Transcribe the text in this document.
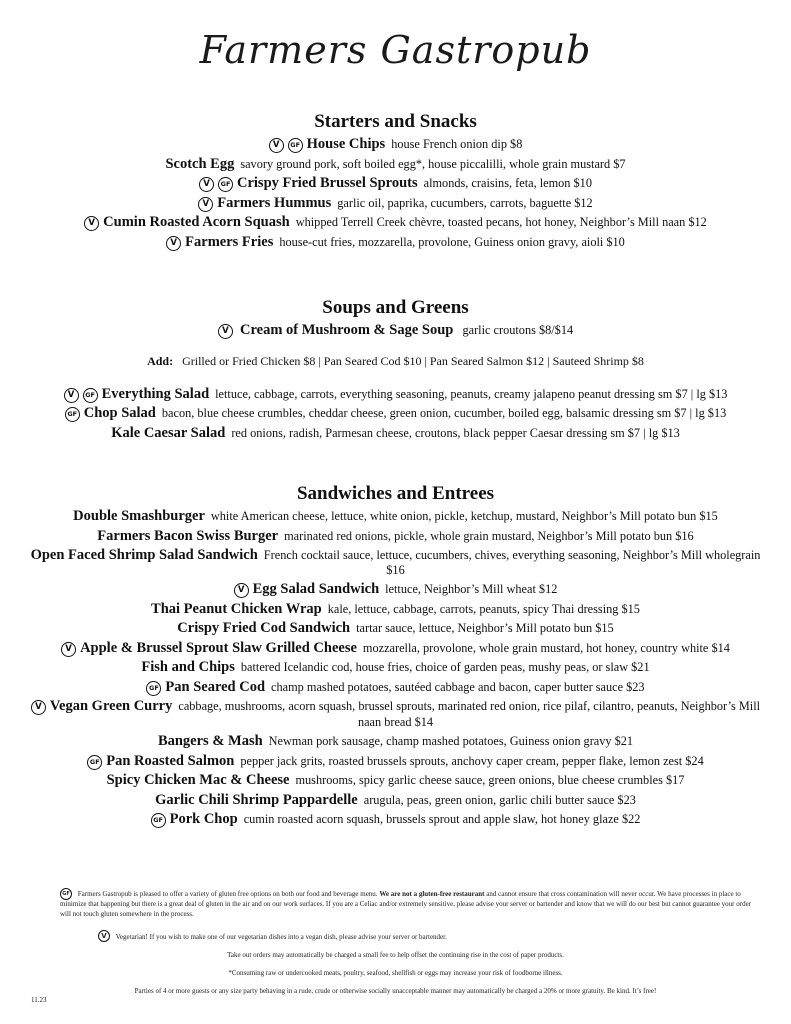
Farmers Gastropub
Starters and Snacks
V GF House Chips house French onion dip $8
Scotch Egg savory ground pork, soft boiled egg*, house piccalilli, whole grain mustard $7
V GF Crispy Fried Brussel Sprouts almonds, craisins, feta, lemon $10
V Farmers Hummus garlic oil, paprika, cucumbers, carrots, baguette $12
V Cumin Roasted Acorn Squash whipped Terrell Creek chèvre, toasted pecans, hot honey, Neighbor’s Mill naan $12
V Farmers Fries house-cut fries, mozzarella, provolone, Guiness onion gravy, aioli $10
Soups and Greens
V Cream of Mushroom & Sage Soup garlic croutons $8/$14
Add: Grilled or Fried Chicken $8 | Pan Seared Cod $10 | Pan Seared Salmon $12 | Sauteed Shrimp $8
V GF Everything Salad lettuce, cabbage, carrots, everything seasoning, peanuts, creamy jalapeno peanut dressing sm $7 | lg $13
GF Chop Salad bacon, blue cheese crumbles, cheddar cheese, green onion, cucumber, boiled egg, balsamic dressing sm $7 | lg $13
Kale Caesar Salad red onions, radish, Parmesan cheese, croutons, black pepper Caesar dressing sm $7 | lg $13
Sandwiches and Entrees
Double Smashburger white American cheese, lettuce, white onion, pickle, ketchup, mustard, Neighbor’s Mill potato bun $15
Farmers Bacon Swiss Burger marinated red onions, pickle, whole grain mustard, Neighbor’s Mill potato bun $16
Open Faced Shrimp Salad Sandwich French cocktail sauce, lettuce, cucumbers, chives, everything seasoning, Neighbor’s Mill wholegrain $16
V Egg Salad Sandwich lettuce, Neighbor’s Mill wheat $12
Thai Peanut Chicken Wrap kale, lettuce, cabbage, carrots, peanuts, spicy Thai dressing $15
Crispy Fried Cod Sandwich tartar sauce, lettuce, Neighbor’s Mill potato bun $15
V Apple & Brussel Sprout Slaw Grilled Cheese mozzarella, provolone, whole grain mustard, hot honey, country white $14
Fish and Chips battered Icelandic cod, house fries, choice of garden peas, mushy peas, or slaw $21
GF Pan Seared Cod champ mashed potatoes, sautéed cabbage and bacon, caper butter sauce $23
V Vegan Green Curry cabbage, mushrooms, acorn squash, brussel sprouts, marinated red onion, rice pilaf, cilantro, peanuts, Neighbor’s Mill naan bread $14
Bangers & Mash Newman pork sausage, champ mashed potatoes, Guiness onion gravy $21
GF Pan Roasted Salmon pepper jack grits, roasted brussels sprouts, anchovy caper cream, pepper flake, lemon zest $24
Spicy Chicken Mac & Cheese mushrooms, spicy garlic cheese sauce, green onions, blue cheese crumbles $17
Garlic Chili Shrimp Pappardelle arugula, peas, green onion, garlic chili butter sauce $23
GF Pork Chop cumin roasted acorn squash, brussels sprout and apple slaw, hot honey glaze $22
GF Farmers Gastropub is pleased to offer a variety of gluten free options on both our food and beverage menu. We are not a gluten-free restaurant and cannot ensure that cross contamination will never occur. We have processes in place to minimize that happening but there is a great deal of gluten in the air and on our work surfaces. If you are a Celiac and/or extremely sensitive, please advise your server or bartender and know that we will do our best but cannot guarantee your order will not touch gluten somewhere in the process.
V Vegetarian! If you wish to make one of our vegetarian dishes into a vegan dish, please advise your server or bartender.
Take out orders may automatically be charged a small fee to help offset the continuing rise in the cost of paper products.
*Consuming raw or undercooked meats, poultry, seafood, shellfish or eggs may increase your risk of foodborne illness.
Parties of 4 or more guests or any size party behaving in a rude, crude or otherwise socially unacceptable manner may automatically be charged a 20% or more gratuity. Be kind. It’s free!
11.23
